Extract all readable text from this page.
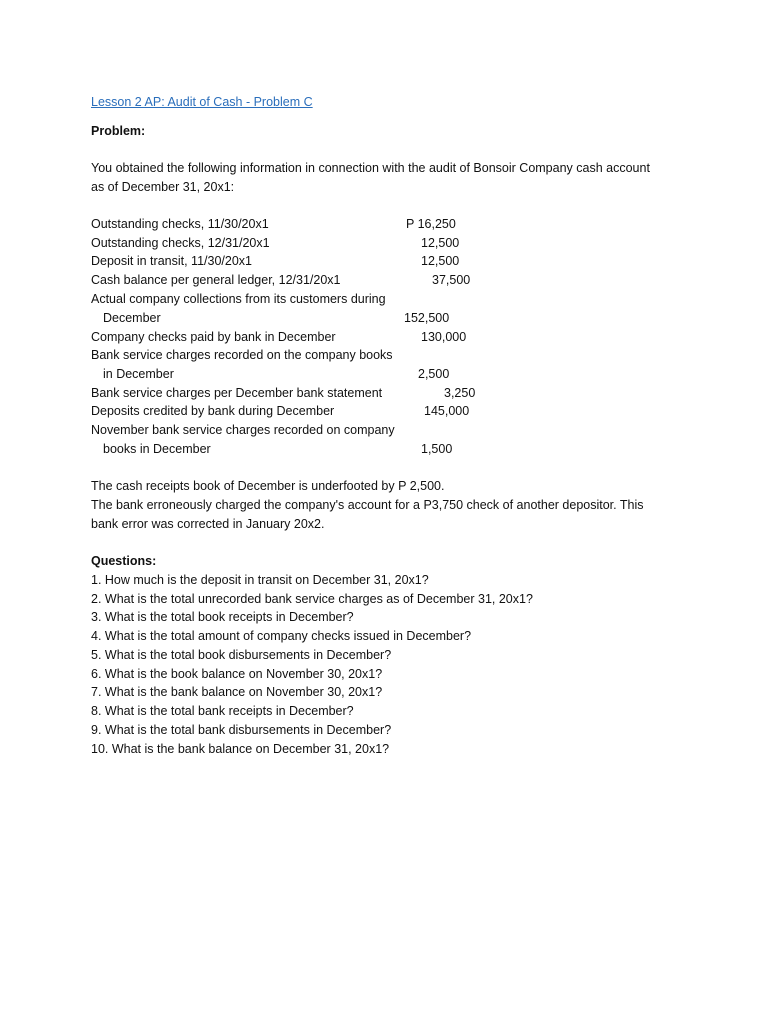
Lesson 2 AP: Audit of Cash - Problem C
Problem:
You obtained the following information in connection with the audit of Bonsoir Company cash account
as of December 31, 20x1:
Outstanding checks, 11/30/20x1	P 16,250
Outstanding checks, 12/31/20x1	12,500
Deposit in transit, 11/30/20x1	12,500
Cash balance per general ledger, 12/31/20x1	37,500
Actual company collections from its customers during
December	152,500
Company checks paid by bank in December	130,000
Bank service charges recorded on the company books
in December	2,500
Bank service charges per December bank statement	3,250
Deposits credited by bank during December	145,000
November bank service charges recorded on company
books in December	1,500
The cash receipts book of December is underfooted by P 2,500.
The bank erroneously charged the company's account for a P3,750 check of another depositor. This
bank error was corrected in January 20x2.
Questions:
1. How much is the deposit in transit on December 31, 20x1?
2. What is the total unrecorded bank service charges as of December 31, 20x1?
3. What is the total book receipts in December?
4. What is the total amount of company checks issued in December?
5. What is the total book disbursements in December?
6. What is the book balance on November 30, 20x1?
7. What is the bank balance on November 30, 20x1?
8. What is the total bank receipts in December?
9. What is the total bank disbursements in December?
10. What is the bank balance on December 31, 20x1?
